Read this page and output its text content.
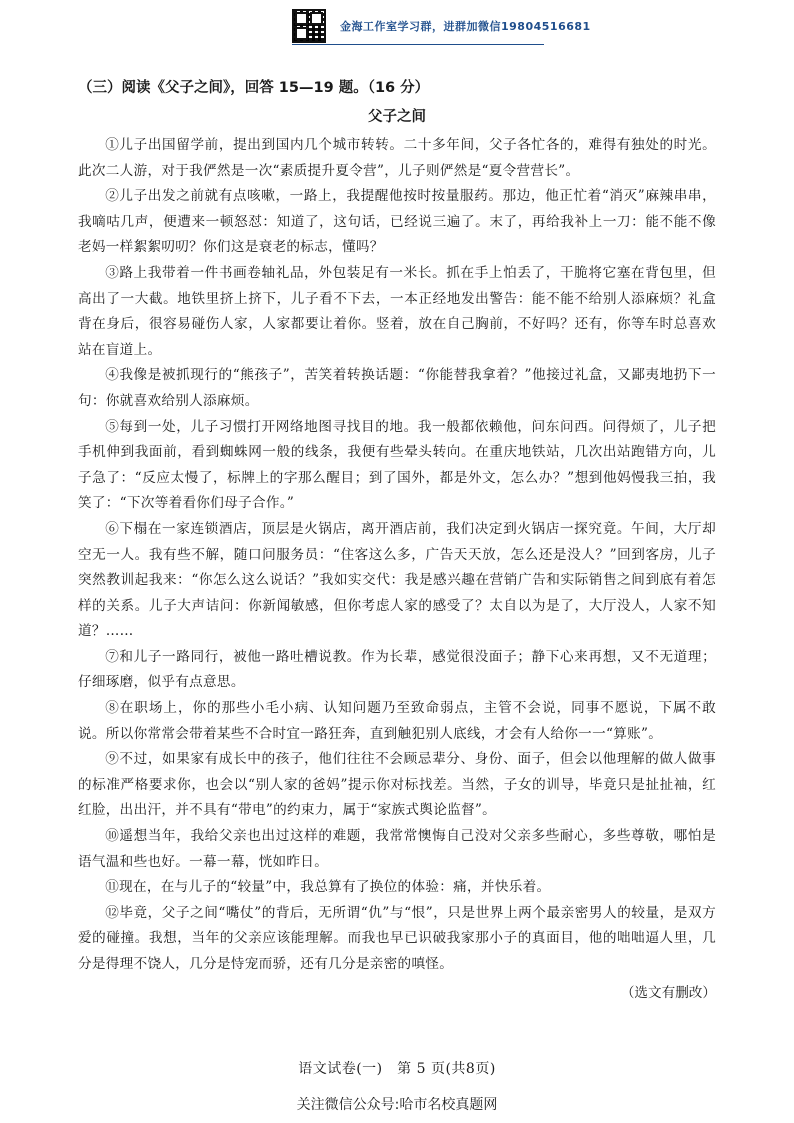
金海工作室学习群，进群加微信19804516681

（三）阅读《父子之间》，回答 15—19 题。（16 分）

父子之间

①儿子出国留学前，提出到国内几个城市转转。二十多年间，父子各忙各的，难得有独处的时光。此次二人游，对于我俨然是一次“素质提升夏令营”，儿子则俨然是“夏令营营长”。

②儿子出发之前就有点咳嗽，一路上，我提醒他按时按量服药。那边，他正忙着“消灭”麻辣串串，我嘀咕几声，便遭来一顿怒怼：知道了，这句话，已经说三遍了。末了，再给我补上一刀：能不能不像老妈一样絮絮叨叨？你们这是衰老的标志，懂吗？

③路上我带着一件书画卷轴礼品，外包装足有一米长。抓在手上怕丢了，干脆将它塞在背包里，但高出了一大截。地铁里挤上挤下，儿子看不下去，一本正经地发出警告：能不能不给别人添麻烦？礼盒背在身后，很容易碰伤人家，人家都要让着你。竖着，放在自己胸前，不好吗？还有，你等车时总喜欢站在盲道上。

④我像是被抓现行的“熊孩子”，苦笑着转换话题：“你能替我拿着？”他接过礼盒，又鄙夷地扔下一句：你就喜欢给别人添麻烦。

⑤每到一处，儿子习惯打开网络地图寻找目的地。我一般都依赖他，问东问西。问得烦了，儿子把手机伸到我面前，看到蜘蛛网一般的线条，我便有些晕头转向。在重庆地铁站，几次出站跑错方向，儿子急了：“反应太慢了，标牌上的字那么醒目；到了国外，都是外文，怎么办？”想到他妈慢我三拍，我笑了：“下次等着看你们母子合作。”

⑥下榻在一家连锁酒店，顶层是火锅店，离开酒店前，我们决定到火锅店一探究竟。午间，大厅却空无一人。我有些不解，随口问服务员：“住客这么多，广告天天放，怎么还是没人？”回到客房，儿子突然教训起我来：“你怎么这么说话？”我如实交代：我是感兴趣在营销广告和实际销售之间到底有着怎样的关系。儿子大声诘问：你新闻敏感，但你考虑人家的感受了？太自以为是了，大厅没人，人家不知道？……

⑦和儿子一路同行，被他一路吐槽说教。作为长辈，感觉很没面子；静下心来再想，又不无道理；仔细琢磨，似乎有点意思。

⑧在职场上，你的那些小毛小病、认知问题乃至致命弱点，主管不会说，同事不愿说，下属不敢说。所以你常常会带着某些不合时宜一路狂奔，直到触犯别人底线，才会有人给你一一“算账”。

⑨不过，如果家有成长中的孩子，他们往往不会顾忌辈分、身份、面子，但会以他理解的做人做事的标准严格要求你，也会以“别人家的爸妈”提示你对标找差。当然，子女的训导，毕竟只是扯扯袖，红红脸，出出汗，并不具有“带电”的约束力，属于“家族式舆论监督”。

⑩遥想当年，我给父亲也出过这样的难题，我常常懊悔自己没对父亲多些耐心，多些尊敬，哪怕是语气温和些也好。一幕一幕，恍如昨日。

⑪现在，在与儿子的“较量”中，我总算有了换位的体验：痛，并快乐着。

⑫毕竟，父子之间“嘴仗”的背后，无所谓“仇”与“恨”，只是世界上两个最亲密男人的较量，是双方爱的碰撞。我想，当年的父亲应该能理解。而我也早已识破我家那小子的真面目，他的咄咄逼人里，几分是得理不饶人，几分是恃宠而骄，还有几分是亲密的嗔怪。

（选文有删改）

语文试卷(一)　第 5 页(共8页)
关注微信公众号:哈市名校真题网
